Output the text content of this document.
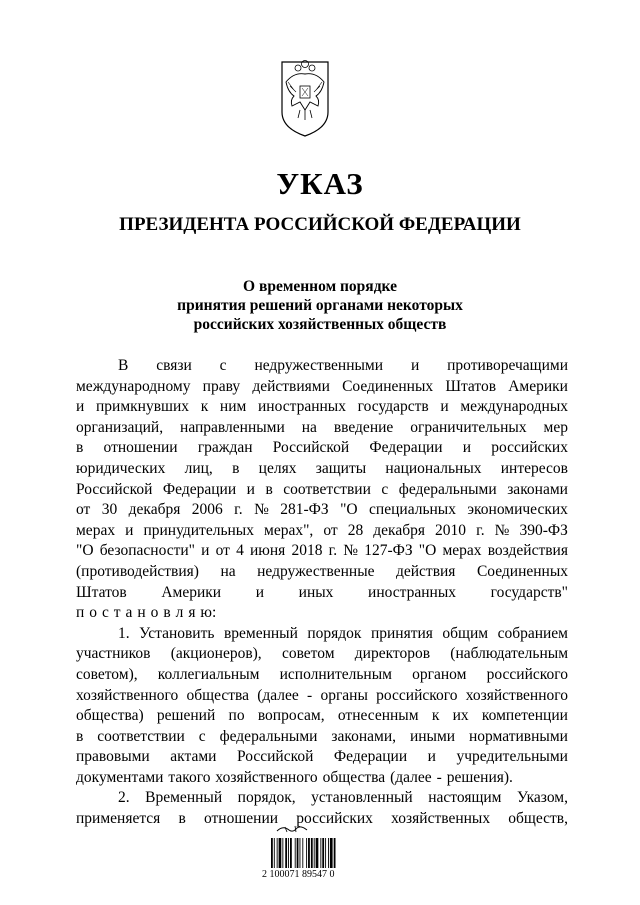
УКАЗ
ПРЕЗИДЕНТА РОССИЙСКОЙ ФЕДЕРАЦИИ
О временном порядке
принятия решений органами некоторых
российских хозяйственных обществ
В связи с недружественными и противоречащими
международному праву действиями Соединенных Штатов Америки
и примкнувших к ним иностранных государств и международных
организаций, направленными на введение ограничительных мер
в отношении граждан Российской Федерации и российских
юридических лиц, в целях защиты национальных интересов
Российской Федерации и в соответствии с федеральными законами
от 30 декабря 2006 г. № 281-ФЗ "О специальных экономических
мерах и принудительных мерах", от 28 декабря 2010 г. № 390-ФЗ
"О безопасности" и от 4 июня 2018 г. № 127-ФЗ "О мерах воздействия
(противодействия) на недружественные действия Соединенных
Штатов Америки и иных иностранных государств"
п о с т а н о в л я ю:
1. Установить временный порядок принятия общим собранием
участников (акционеров), советом директоров (наблюдательным
советом), коллегиальным исполнительным органом российского
хозяйственного общества (далее - органы российского хозяйственного
общества) решений по вопросам, отнесенным к их компетенции
в соответствии с федеральными законами, иными нормативными
правовыми актами Российской Федерации и учредительными
документами такого хозяйственного общества (далее - решения).
2. Временный порядок, установленный настоящим Указом,
применяется в отношении российских хозяйственных обществ,
2 100071 89547 0
